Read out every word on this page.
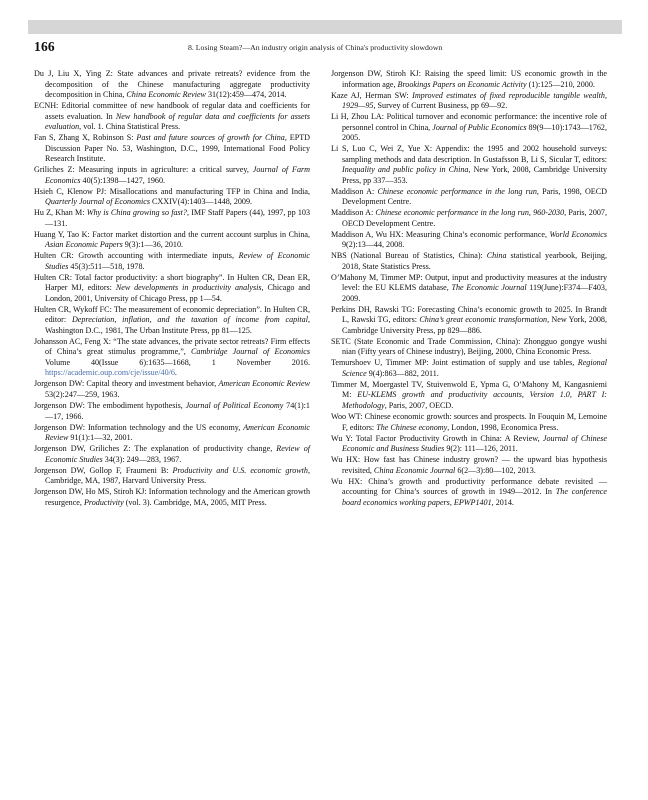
166	8. Losing Steam?—An industry origin analysis of China's productivity slowdown

Du J, Liu X, Ying Z: State advances and private retreats? evidence from the decomposition of the Chinese manufacturing aggregate productivity decomposition in China, China Economic Review 31(12):459—474, 2014.

ECNH: Editorial committee of new handbook of regular data and coefficients for assets evaluation. In New handbook of regular data and coefficients for assets evaluation, vol. 1. China Statistical Press.

Fan S, Zhang X, Robinson S: Past and future sources of growth for China, EPTD Discussion Paper No. 53, Washington, D.C., 1999, International Food Policy Research Institute.

Griliches Z: Measuring inputs in agriculture: a critical survey, Journal of Farm Economics 40(5):1398—1427, 1960.

Hsieh C, Klenow PJ: Misallocations and manufacturing TFP in China and India, Quarterly Journal of Economics CXXIV(4):1403—1448, 2009.

Hu Z, Khan M: Why is China growing so fast?, IMF Staff Papers (44), 1997, pp 103—131.

Huang Y, Tao K: Factor market distortion and the current account surplus in China, Asian Economic Papers 9(3):1—36, 2010.

Hulten CR: Growth accounting with intermediate inputs, Review of Economic Studies 45(3):511—518, 1978.

Hulten CR: Total factor productivity: a short biography”. In Hulten CR, Dean ER, Harper MJ, editors: New developments in productivity analysis, Chicago and London, 2001, University of Chicago Press, pp 1—54.

Hulten CR, Wykoff FC: The measurement of economic depreciation”. In Hulten CR, editor: Depreciation, inflation, and the taxation of income from capital, Washington D.C., 1981, The Urban Institute Press, pp 81—125.

Johansson AC, Feng X: “The state advances, the private sector retreats? Firm effects of China’s great stimulus programme,”, Cambridge Journal of Economics Volume 40(Issue 6):1635—1668, 1 November 2016. https://academic.oup.com/cje/issue/40/6.

Jorgenson DW: Capital theory and investment behavior, American Economic Review 53(2):247—259, 1963.

Jorgenson DW: The embodiment hypothesis, Journal of Political Economy 74(1):1—17, 1966.

Jorgenson DW: Information technology and the US economy, American Economic Review 91(1):1—32, 2001.

Jorgenson DW, Griliches Z: The explanation of productivity change, Review of Economic Studies 34(3): 249—283, 1967.

Jorgenson DW, Gollop F, Fraumeni B: Productivity and U.S. economic growth, Cambridge, MA, 1987, Harvard University Press.

Jorgenson DW, Ho MS, Stiroh KJ: Information technology and the American growth resurgence, Productivity (vol. 3). Cambridge, MA, 2005, MIT Press.

Jorgenson DW, Stiroh KJ: Raising the speed limit: US economic growth in the information age, Brookings Papers on Economic Activity (1):125—210, 2000.

Kaze AJ, Herman SW: Improved estimates of fixed reproducible tangible wealth, 1929—95, Survey of Current Business, pp 69—92.

Li H, Zhou LA: Political turnover and economic performance: the incentive role of personnel control in China, Journal of Public Economics 89(9—10):1743—1762, 2005.

Li S, Luo C, Wei Z, Yue X: Appendix: the 1995 and 2002 household surveys: sampling methods and data description. In Gustafsson B, Li S, Sicular T, editors: Inequality and public policy in China, New York, 2008, Cambridge University Press, pp 337—353.

Maddison A: Chinese economic performance in the long run, Paris, 1998, OECD Development Centre.

Maddison A: Chinese economic performance in the long run, 960-2030, Paris, 2007, OECD Development Centre.

Maddison A, Wu HX: Measuring China’s economic performance, World Economics 9(2):13—44, 2008.

NBS (National Bureau of Statistics, China): China statistical yearbook, Beijing, 2018, State Statistics Press.

O’Mahony M, Timmer MP: Output, input and productivity measures at the industry level: the EU KLEMS database, The Economic Journal 119(June):F374—F403, 2009.

Perkins DH, Rawski TG: Forecasting China’s economic growth to 2025. In Brandt L, Rawski TG, editors: China’s great economic transformation, New York, 2008, Cambridge University Press, pp 829—886.

SETC (State Economic and Trade Commission, China): Zhongguo gongye wushi nian (Fifty years of Chinese industry), Beijing, 2000, China Economic Press.

Temurshoev U, Timmer MP: Joint estimation of supply and use tables, Regional Science 9(4):863—882, 2011.

Timmer M, Moergastel TV, Stuivenwold E, Ypma G, O’Mahony M, Kangasniemi M: EU-KLEMS growth and productivity accounts, Version 1.0, PART I: Methodology, Paris, 2007, OECD.

Woo WT: Chinese economic growth: sources and prospects. In Fouquin M, Lemoine F, editors: The Chinese economy, London, 1998, Economica Press.

Wu Y: Total Factor Productivity Growth in China: A Review, Journal of Chinese Economic and Business Studies 9(2): 111—126, 2011.

Wu HX: How fast has Chinese industry grown? — the upward bias hypothesis revisited, China Economic Journal 6(2—3):80—102, 2013.

Wu HX: China’s growth and productivity performance debate revisited — accounting for China’s sources of growth in 1949—2012. In The conference board economics working papers, EPWP1401, 2014.
